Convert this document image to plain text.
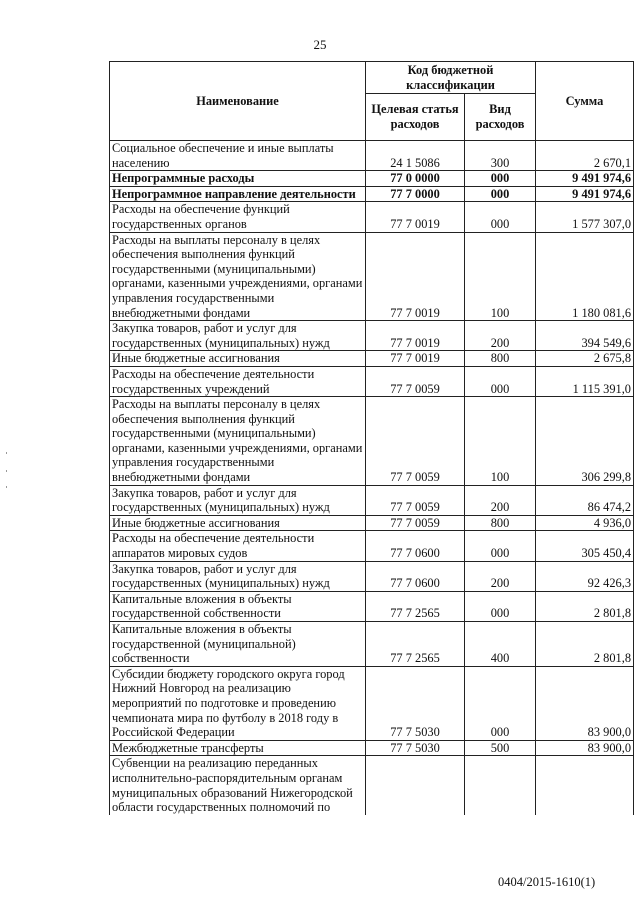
25
Наименование	Код бюджетной классификации		Сумма
	Целевая статья расходов	Вид расходов	
Социальное обеспечение и иные выплаты населению	24 1 5086	300	2 670,1
Непрограммные расходы	77 0 0000	000	9 491 974,6
Непрограммное направление деятельности	77 7 0000	000	9 491 974,6
Расходы на обеспечение функций государственных органов	77 7 0019	000	1 577 307,0
Расходы на выплаты персоналу в целях обеспечения выполнения функций государственными (муниципальными) органами, казенными учреждениями, органами управления государственными внебюджетными фондами	77 7 0019	100	1 180 081,6
Закупка товаров, работ и услуг для государственных (муниципальных) нужд	77 7 0019	200	394 549,6
Иные бюджетные ассигнования	77 7 0019	800	2 675,8
Расходы на обеспечение деятельности государственных учреждений	77 7 0059	000	1 115 391,0
Расходы на выплаты персоналу в целях обеспечения выполнения функций государственными (муниципальными) органами, казенными учреждениями, органами управления государственными внебюджетными фондами	77 7 0059	100	306 299,8
Закупка товаров, работ и услуг для государственных (муниципальных) нужд	77 7 0059	200	86 474,2
Иные бюджетные ассигнования	77 7 0059	800	4 936,0
Расходы на обеспечение деятельности аппаратов мировых судов	77 7 0600	000	305 450,4
Закупка товаров, работ и услуг для государственных (муниципальных) нужд	77 7 0600	200	92 426,3
Капитальные вложения в объекты государственной собственности	77 7 2565	000	2 801,8
Капитальные вложения в объекты государственной (муниципальной) собственности	77 7 2565	400	2 801,8
Субсидии бюджету городского округа город Нижний Новгород на реализацию мероприятий по подготовке и проведению чемпионата мира по футболу в 2018 году в Российской Федерации	77 7 5030	000	83 900,0
Межбюджетные трансферты	77 7 5030	500	83 900,0
Субвенции на реализацию переданных исполнительно-распорядительным органам муниципальных образований Нижегородской области государственных полномочий по			
0404/2015-1610(1)
